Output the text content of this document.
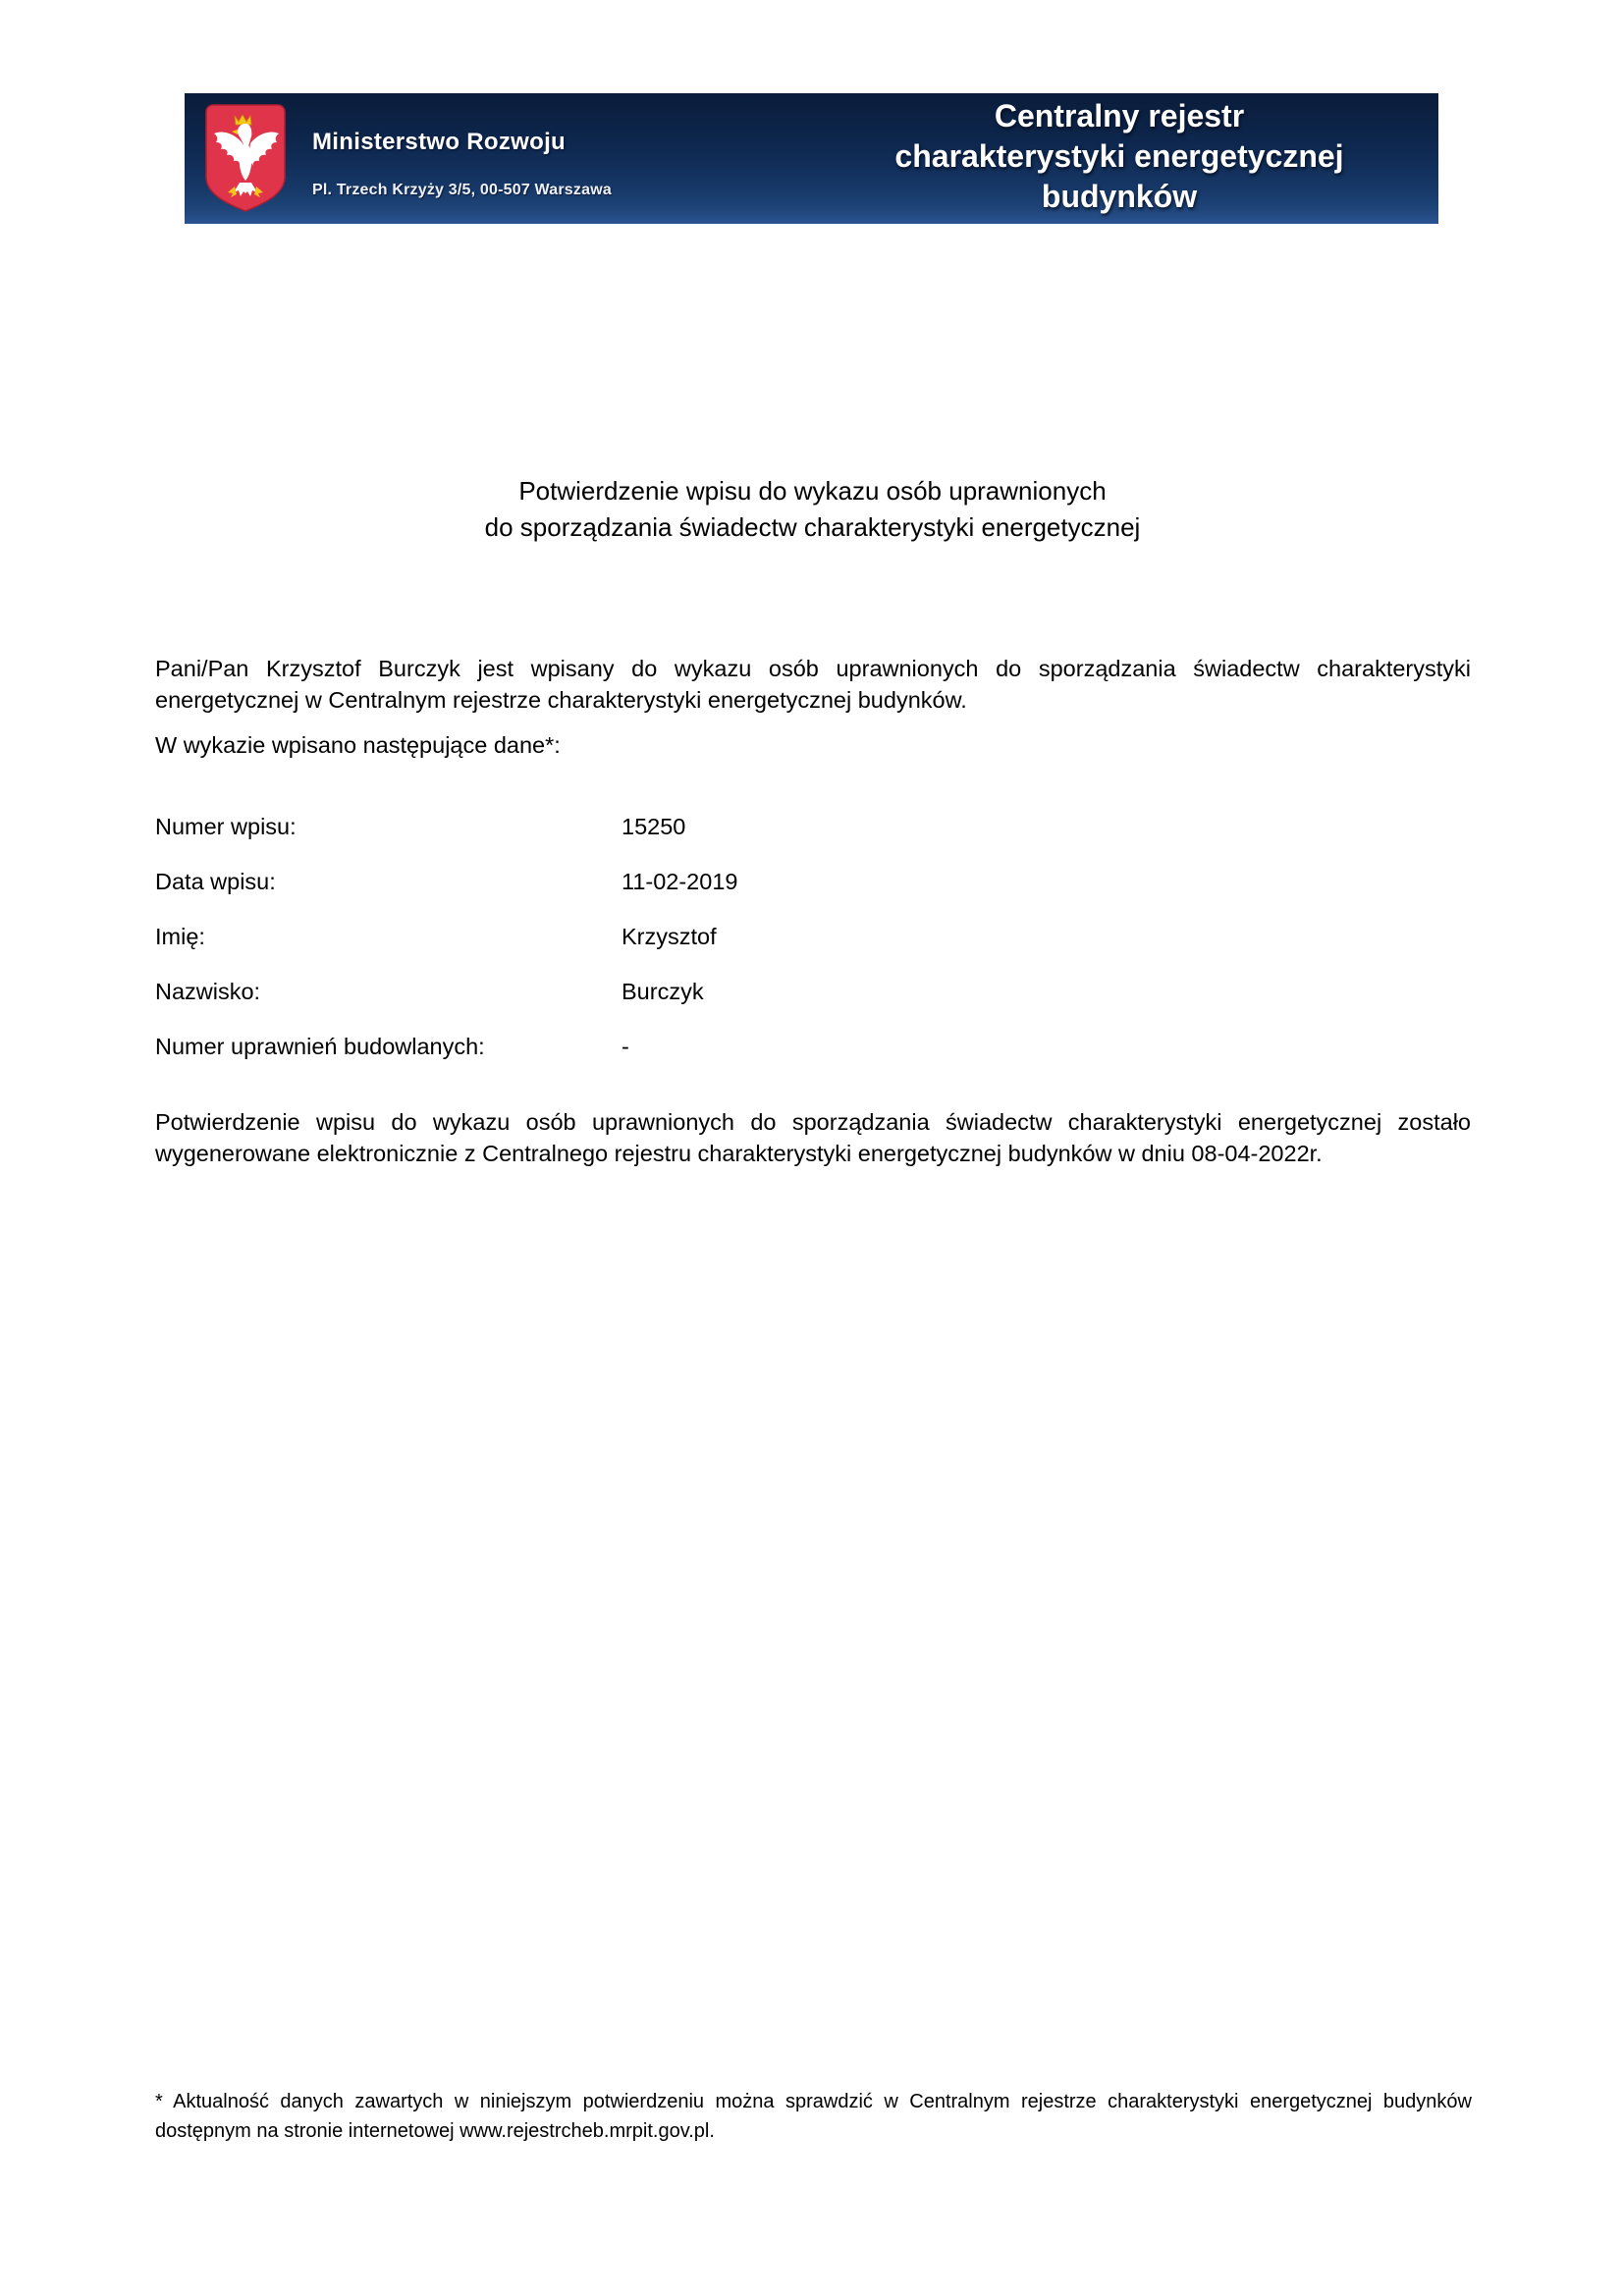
Ministerstwo Rozwoju
Pl. Trzech Krzyży 3/5, 00-507 Warszawa
Centralny rejestr
charakterystyki energetycznej
budynków
Potwierdzenie wpisu do wykazu osób uprawnionych
do sporządzania świadectw charakterystyki energetycznej
Pani/Pan Krzysztof Burczyk jest wpisany do wykazu osób uprawnionych do sporządzania świadectw charakterystyki energetycznej w Centralnym rejestrze charakterystyki energetycznej budynków.
W wykazie wpisano następujące dane*:
Numer wpisu:	15250
Data wpisu:	11-02-2019
Imię:	Krzysztof
Nazwisko:	Burczyk
Numer uprawnień budowlanych:	-
Potwierdzenie wpisu do wykazu osób uprawnionych do sporządzania świadectw charakterystyki energetycznej zostało wygenerowane elektronicznie z Centralnego rejestru charakterystyki energetycznej budynków w dniu 08-04-2022r.
* Aktualność danych zawartych w niniejszym potwierdzeniu można sprawdzić w Centralnym rejestrze charakterystyki energetycznej budynków dostępnym na stronie internetowej www.rejestrcheb.mrpit.gov.pl.
